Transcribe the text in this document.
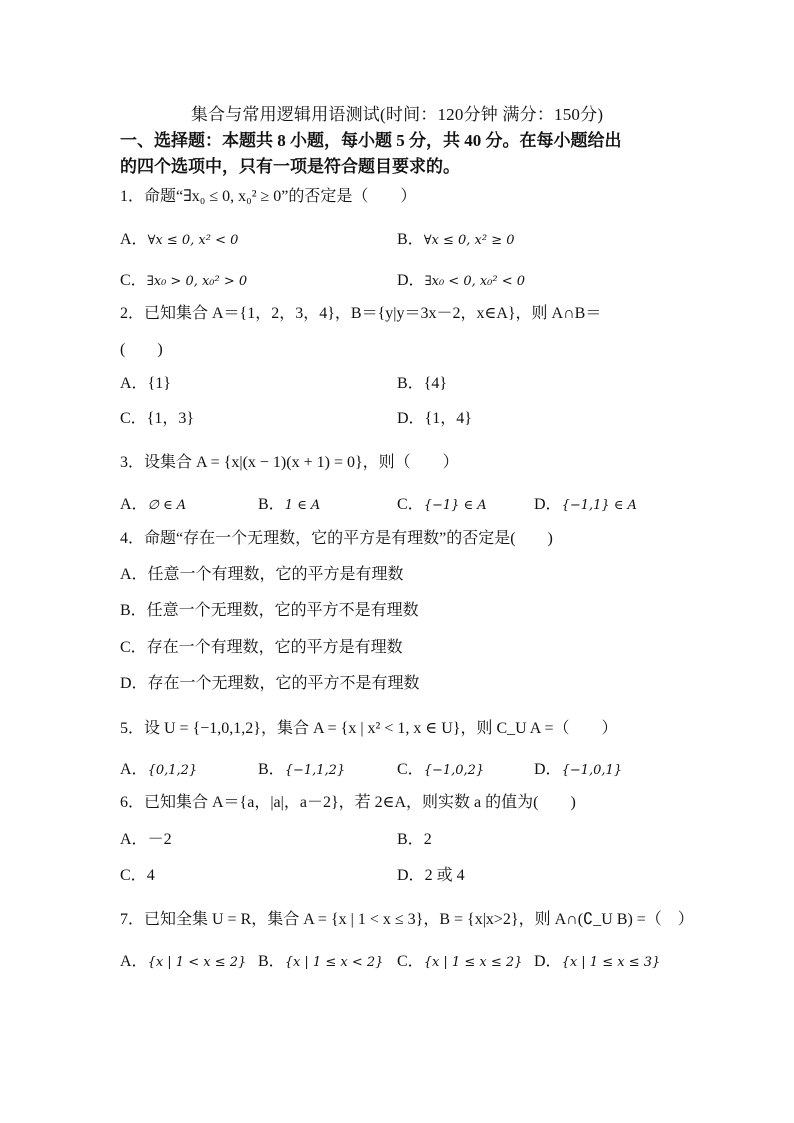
集合与常用逻辑用语测试(时间：120分钟 满分：150分)
一、选择题：本题共 8 小题，每小题 5 分，共 40 分。在每小题给出
的四个选项中，只有一项是符合题目要求的。
1．命题“∃x₀ ≤ 0, x₀² ≥ 0”的否定是（　　）
A．∀x ≤ 0, x² < 0	B．∀x ≤ 0, x² ≥ 0
C．∃x₀ > 0, x₀² > 0	D．∃x₀ < 0, x₀² < 0
2．已知集合 A＝{1，2，3，4}，B＝{y|y＝3x－2，x∈A}，则 A∩B＝
(　　)
A．{1}	B．{4}
C．{1，3}	D．{1，4}
3．设集合 A = {x|(x − 1)(x + 1) = 0}，则（　　）
A．∅ ∈ A	B．1 ∈ A	C．{−1} ∈ A	D．{−1,1} ∈ A
4．命题“存在一个无理数，它的平方是有理数”的否定是(　　)
A．任意一个有理数，它的平方是有理数
B．任意一个无理数，它的平方不是有理数
C．存在一个有理数，它的平方是有理数
D．存在一个无理数，它的平方不是有理数
5．设 U = {−1,0,1,2}，集合 A = {x | x² < 1, x ∈ U}，则 C_U A =（　　）
A．{0,1,2}	B．{−1,1,2}	C．{−1,0,2}	D．{−1,0,1}
6．已知集合 A＝{a，|a|，a－2}，若 2∈A，则实数 a 的值为(　　)
A．－2	B．2
C．4	D．2 或 4
7．已知全集 U = R，集合 A = {x | 1 < x ≤ 3}，B = {x|x>2}，则 A∩(∁_U B) =（　）
A．{x | 1 < x ≤ 2} B．{x | 1 ≤ x < 2} C．{x | 1 ≤ x ≤ 2} D．{x | 1 ≤ x ≤ 3}
